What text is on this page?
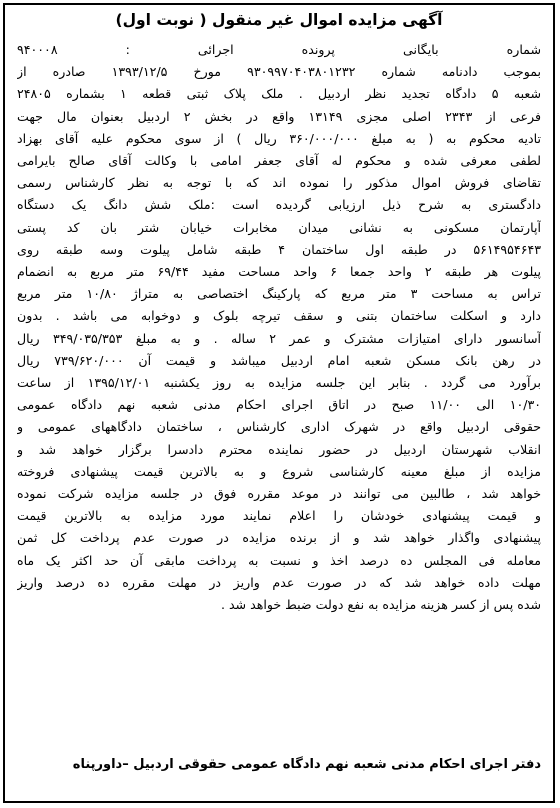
آگهی مزایده اموال غیر منقول ( نوبت اول)
شماره بایگانی پرونده اجرائی : ۹۴۰۰۰۸
بموجب دادنامه شماره ۹۳۰۹۹۷۰۴۰۳۸۰۱۲۳۲ مورخ ۱۳۹۳/۱۲/۵ صادره از
شعبه ۵ دادگاه تجدید نظر اردبیل . ملک پلاک ثبتی قطعه ۱ بشماره ۲۴۸۰۵
فرعی از ۲۳۴۳ اصلی مجزی ۱۳۱۴۹ واقع در بخش ۲ اردبیل بعنوان مال جهت
تادیه محکوم به ( به مبلغ ۳۶۰/۰۰۰/۰۰۰ ریال ) از سوی محکوم علیه آقای بهزاد
لطفی معرفی شده و محکوم له آقای جعفر امامی با وکالت آقای صالح بایرامی
تقاضای فروش اموال مذکور را نموده اند که با توجه به نظر کارشناس رسمی
دادگستری به شرح ذیل ارزیابی گردیده است :ملک شش دانگ یک دستگاه
آپارتمان مسکونی به نشانی میدان مخابرات خیابان شتر بان کد پستی
۵۶۱۴۹۵۴۶۴۳ در طبقه اول ساختمان ۴ طبقه شامل پیلوت وسه طبقه روی
پیلوت هر طبقه ۲ واحد جمعا ۶ واحد مساحت مفید ۶۹/۴۴ متر مربع به انضمام
تراس به مساحت ۳ متر مربع که پارکینگ اختصاصی به متراژ ۱۰/۸۰ متر مربع
دارد و اسکلت ساختمان بتنی و سقف تیرچه بلوک و دوخوابه می باشد . بدون
آسانسور دارای امتیازات مشترک و عمر ۲ ساله . و به مبلغ ۳۴۹/۰۳۵/۳۵۳ ریال
در رهن بانک مسکن شعبه امام اردبیل میباشد و قیمت آن ۷۳۹/۶۲۰/۰۰۰ ریال
برآورد می گردد . بنابر این جلسه مزایده به روز یکشنبه ۱۳۹۵/۱۲/۰۱ از ساعت
۱۰/۳۰ الی ۱۱/۰۰ صبح در اتاق اجرای احکام مدنی شعبه نهم دادگاه عمومی
حقوقی اردبیل واقع در شهرک اداری کارشناس ، ساختمان دادگاههای عمومی و
انقلاب شهرستان اردبیل در حضور نماینده محترم دادسرا برگزار خواهد شد و
مزایده از مبلغ معینه کارشناسی شروع و به بالاترین قیمت پیشنهادی فروخته
خواهد شد ، طالبین می توانند در موعد مقرره فوق در جلسه مزایده شرکت نموده
و قیمت پیشنهادی خودشان را اعلام نمایند مورد مزایده به بالاترین قیمت
پیشنهادی واگذار خواهد شد و از برنده مزایده در صورت عدم پرداخت کل ثمن
معامله فی المجلس ده درصد اخذ و نسبت به پرداخت مابقی آن حد اکثر یک ماه
مهلت داده خواهد شد که در صورت عدم واریز در مهلت مقرره ده درصد واریز
شده پس از کسر هزینه مزایده به نفع دولت ضبط خواهد شد .
دفتر اجرای احکام مدنی شعبه نهم دادگاه عمومی حقوقی اردبیل –داورپناه
